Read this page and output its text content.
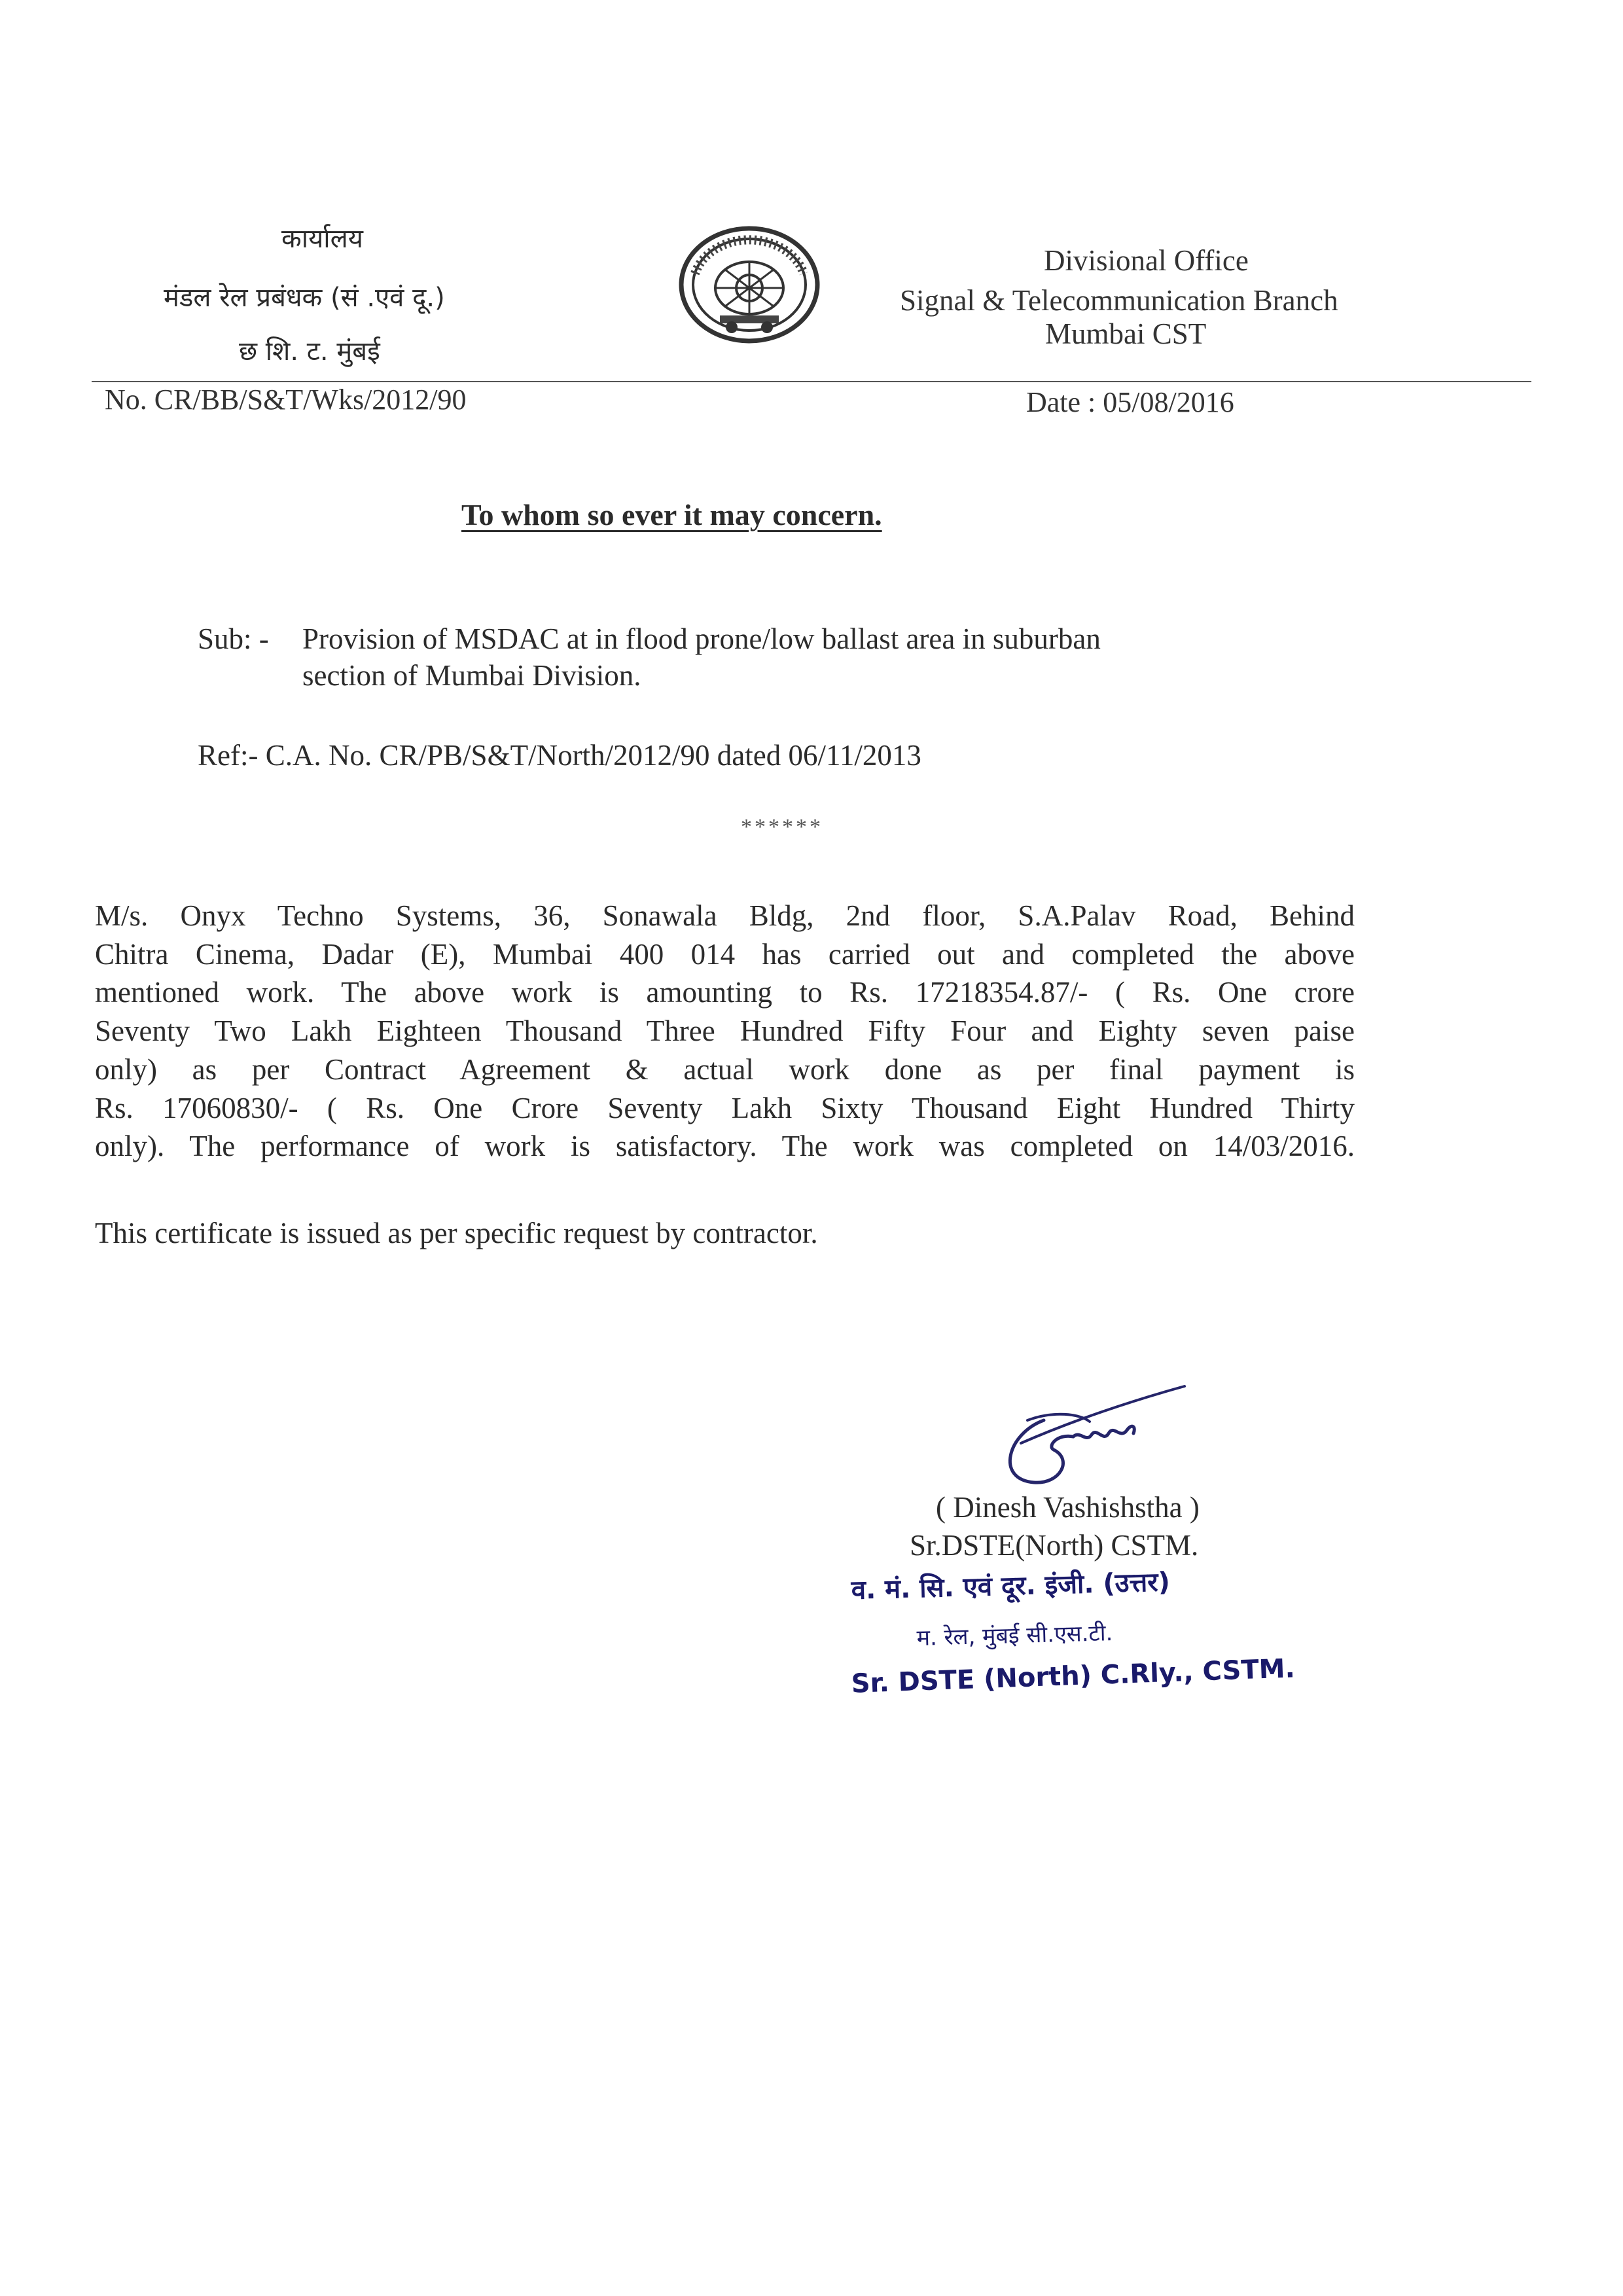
कार्यालय
मंडल रेल प्रबंधक (सं .एवं दू.)
छ शि. ट. मुंबई
Divisional Office
Signal & Telecommunication Branch
Mumbai CST
No. CR/BB/S&T/Wks/2012/90	Date : 05/08/2016
To whom so ever it may concern.
Sub: - Provision of MSDAC at in flood prone/low ballast area in suburban
section of Mumbai Division.
Ref:- C.A. No. CR/PB/S&T/North/2012/90 dated 06/11/2013
******
M/s. Onyx Techno Systems, 36, Sonawala Bldg, 2nd floor, S.A.Palav Road, Behind
Chitra Cinema, Dadar (E), Mumbai 400 014 has carried out and completed the above
mentioned work. The above work is amounting to Rs. 17218354.87/- ( Rs. One crore
Seventy Two Lakh Eighteen Thousand Three Hundred Fifty Four and Eighty seven paise
only) as per Contract Agreement & actual work done as per final payment is
Rs. 17060830/- ( Rs. One Crore Seventy Lakh Sixty Thousand Eight Hundred Thirty
only). The performance of work is satisfactory. The work was completed on 14/03/2016.
This certificate is issued as per specific request by contractor.
( Dinesh Vashishstha )
Sr.DSTE(North) CSTM.
व. मं. सि. एवं दूर. इंजी. (उत्तर)
म. रेल, मुंबई सी.एस.टी.
Sr. DSTE (North) C.Rly., CSTM.
